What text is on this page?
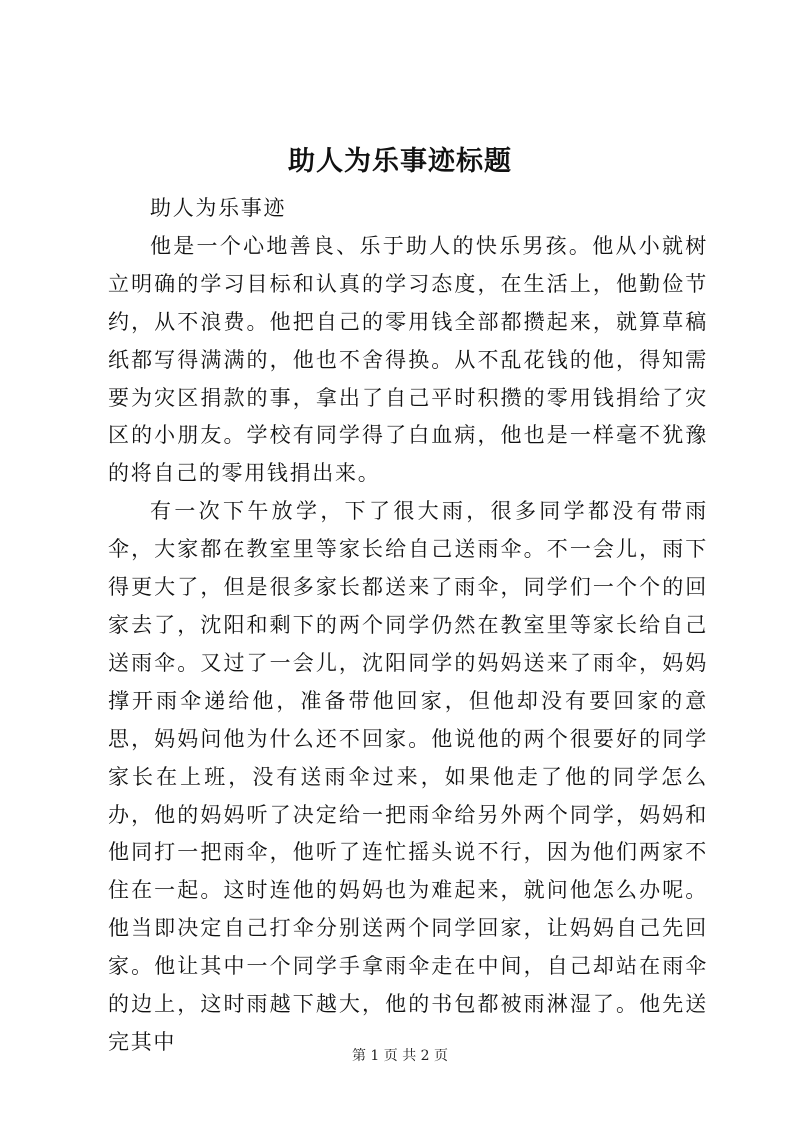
助人为乐事迹标题

助人为乐事迹

他是一个心地善良、乐于助人的快乐男孩。他从小就树立明确的学习目标和认真的学习态度，在生活上，他勤俭节约，从不浪费。他把自己的零用钱全部都攒起来，就算草稿纸都写得满满的，他也不舍得换。从不乱花钱的他，得知需要为灾区捐款的事，拿出了自己平时积攒的零用钱捐给了灾区的小朋友。学校有同学得了白血病，他也是一样毫不犹豫的将自己的零用钱捐出来。

有一次下午放学，下了很大雨，很多同学都没有带雨伞，大家都在教室里等家长给自己送雨伞。不一会儿，雨下得更大了，但是很多家长都送来了雨伞，同学们一个个的回家去了，沈阳和剩下的两个同学仍然在教室里等家长给自己送雨伞。又过了一会儿，沈阳同学的妈妈送来了雨伞，妈妈撑开雨伞递给他，准备带他回家，但他却没有要回家的意思，妈妈问他为什么还不回家。他说他的两个很要好的同学家长在上班，没有送雨伞过来，如果他走了他的同学怎么办，他的妈妈听了决定给一把雨伞给另外两个同学，妈妈和他同打一把雨伞，他听了连忙摇头说不行，因为他们两家不住在一起。这时连他的妈妈也为难起来，就问他怎么办呢。他当即决定自己打伞分别送两个同学回家，让妈妈自己先回家。他让其中一个同学手拿雨伞走在中间，自己却站在雨伞的边上，这时雨越下越大，他的书包都被雨淋湿了。他先送完其中

第 1 页 共 2 页
